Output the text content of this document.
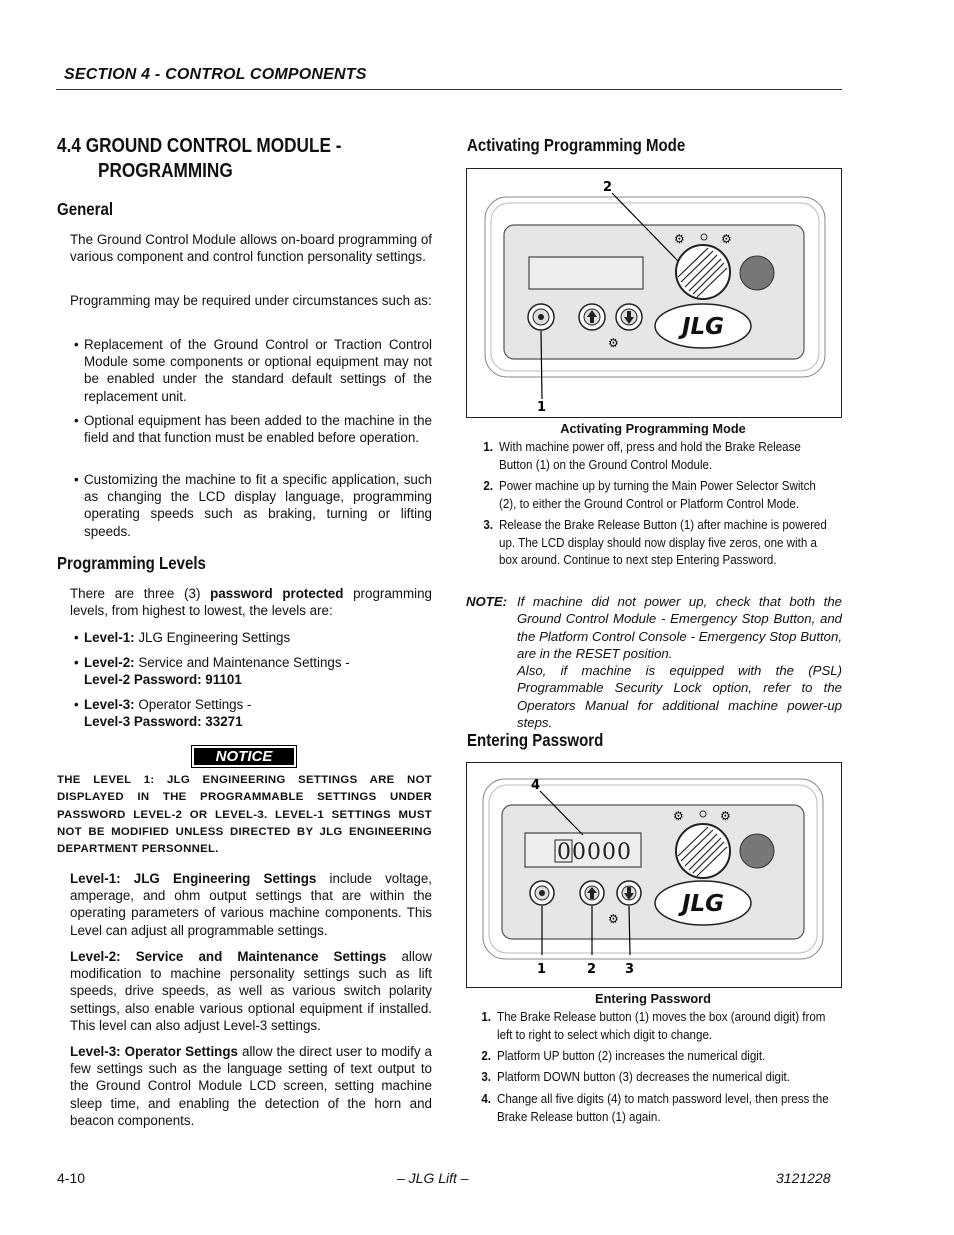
SECTION 4 - CONTROL COMPONENTS
4.4 GROUND CONTROL MODULE -
PROGRAMMING
General
The Ground Control Module allows on-board programming of various component and control function personality settings.
Programming may be required under circumstances such as:
• Replacement of the Ground Control or Traction Control Module some components or optional equipment may not be enabled under the standard default settings of the replacement unit.
• Optional equipment has been added to the machine in the field and that function must be enabled before operation.
• Customizing the machine to fit a specific application, such as changing the LCD display language, programming operating speeds such as braking, turning or lifting speeds.
Programming Levels
There are three (3) password protected programming levels, from highest to lowest, the levels are:
• Level-1: JLG Engineering Settings
• Level-2: Service and Maintenance Settings -
Level-2 Password: 91101
• Level-3: Operator Settings -
Level-3 Password: 33271
NOTICE
THE LEVEL 1: JLG ENGINEERING SETTINGS ARE NOT DISPLAYED IN THE PROGRAMMABLE SETTINGS UNDER PASSWORD LEVEL-2 OR LEVEL-3. LEVEL-1 SETTINGS MUST NOT BE MODIFIED UNLESS DIRECTED BY JLG ENGINEERING DEPARTMENT PERSONNEL.
Level-1: JLG Engineering Settings include voltage, amperage, and ohm output settings that are within the operating parameters of various machine components. This Level can adjust all programmable settings.
Level-2: Service and Maintenance Settings allow modification to machine personality settings such as lift speeds, drive speeds, as well as various switch polarity settings, also enable various optional equipment if installed. This level can also adjust Level-3 settings.
Level-3: Operator Settings allow the direct user to modify a few settings such as the language setting of text output to the Ground Control Module LCD screen, setting machine sleep time, and enabling the detection of the horn and beacon components.
Activating Programming Mode
⚙	⚙
⚙
JLG
2
1
Activating Programming Mode
1. With machine power off, press and hold the Brake Release Button (1) on the Ground Control Module.
2. Power machine up by turning the Main Power Selector Switch (2), to either the Ground Control or Platform Control Mode.
3. Release the Brake Release Button (1) after machine is powered up. The LCD display should now display five zeros, one with a box around. Continue to next step Entering Password.
NOTE: If machine did not power up, check that both the Ground Control Module - Emergency Stop Button, and the Platform Control Console - Emergency Stop Button, are in the RESET position.
Also, if machine is equipped with the (PSL) Programmable Security Lock option, refer to the Operators Manual for additional machine power-up steps.
Entering Password
00000
⚙	⚙
⚙
JLG
4
1	2 3
Entering Password
1. The Brake Release button (1) moves the box (around digit) from left to right to select which digit to change.
2. Platform UP button (2) increases the numerical digit.
3. Platform DOWN button (3) decreases the numerical digit.
4. Change all five digits (4) to match password level, then press the Brake Release button (1) again.
4-10	– JLG Lift –	3121228
